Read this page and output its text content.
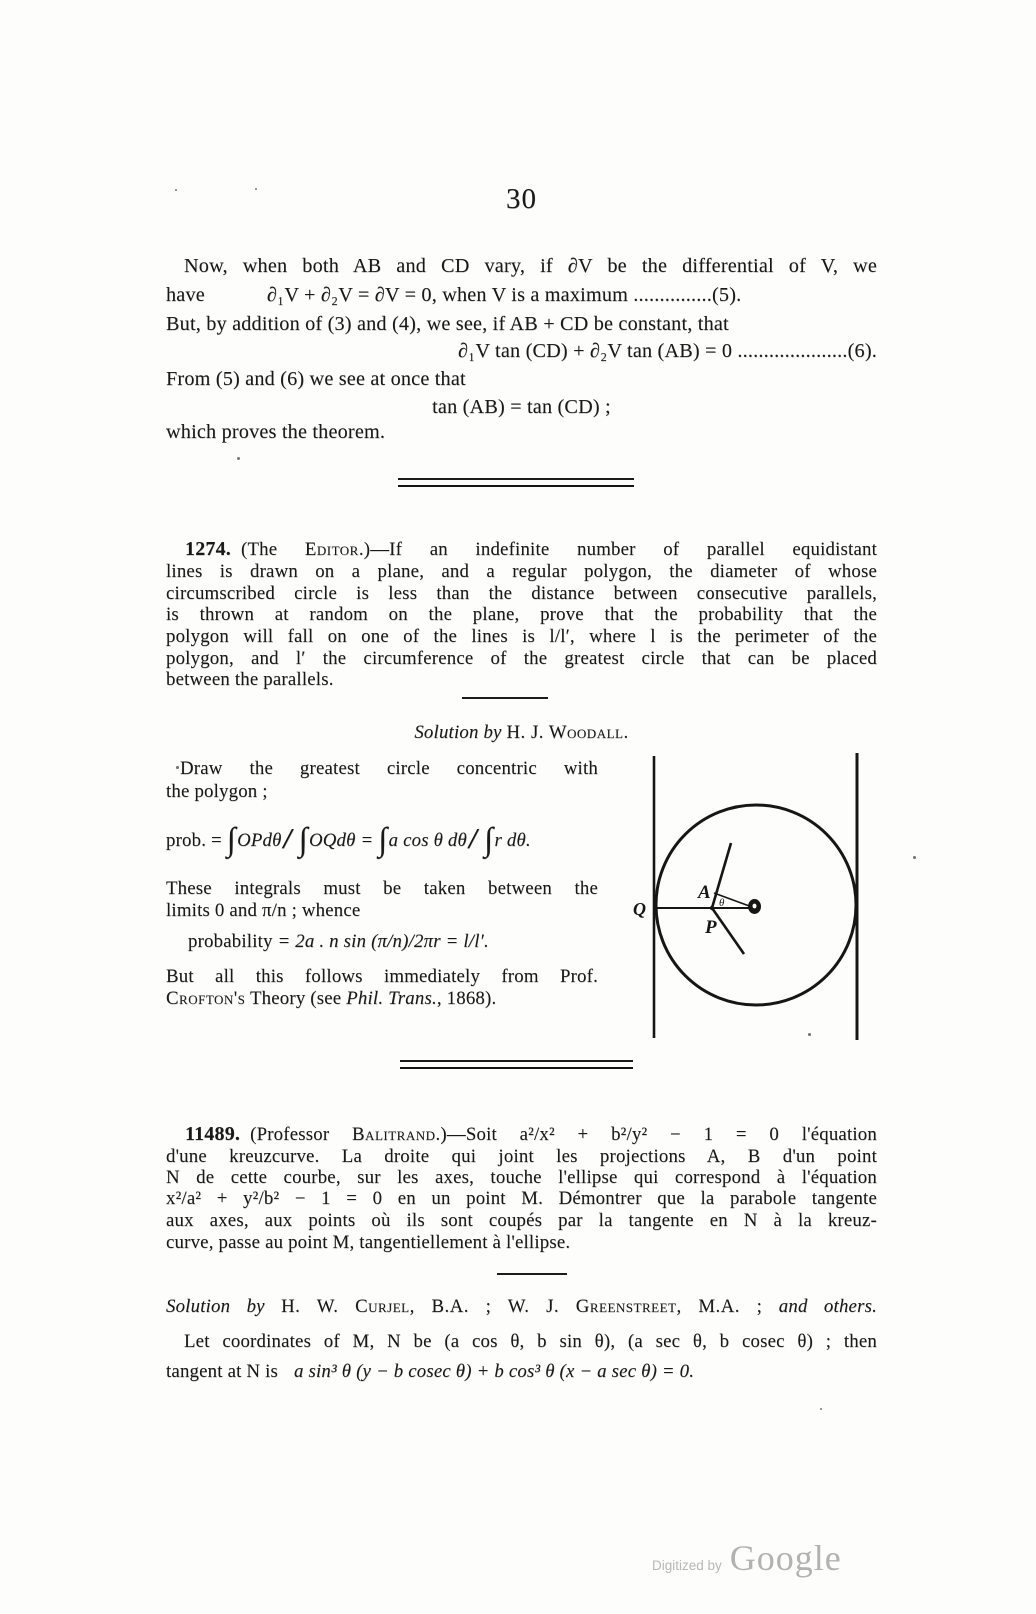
30
Now, when both AB and CD vary, if ∂V be the differential of V, we
have	∂₁V + ∂₂V = ∂V = 0, when V is a maximum ...............(5).
But, by addition of (3) and (4), we see, if AB + CD be constant, that
∂₁V tan (CD) + ∂₂V tan (AB) = 0 .....................(6).
From (5) and (6) we see at once that
tan (AB) = tan (CD) ;
which proves the theorem.
1274. (The Editor.)—If an indefinite number of parallel equidistant
lines is drawn on a plane, and a regular polygon, the diameter of whose
circumscribed circle is less than the distance between consecutive parallels,
is thrown at random on the plane, prove that the probability that the
polygon will fall on one of the lines is l/l′, where l is the perimeter of the
polygon, and l′ the circumference of the greatest circle that can be placed
between the parallels.
Solution by H. J. Woodall.
Draw the greatest circle concentric with
the polygon ;
prob. = ∫ OPdθ / ∫ OQdθ = ∫ a cos θ dθ / ∫ r dθ.
These integrals must be taken between the
limits 0 and π/n ; whence
probability = 2a . n sin (π/n)/2πr = l/l′.
But all this follows immediately from Prof.
Crofton's Theory (see Phil. Trans., 1868).
Q
A
P
θ
11489. (Professor Balitrand.)—Soit a²/x² + b²/y² − 1 = 0 l'équation
d'une kreuzcurve. La droite qui joint les projections A, B d'un point
N de cette courbe, sur les axes, touche l'ellipse qui correspond à l'équation
x²/a² + y²/b² − 1 = 0 en un point M. Démontrer que la parabole tangente
aux axes, aux points où ils sont coupés par la tangente en N à la kreuz-
curve, passe au point M, tangentiellement à l'ellipse.
Solution by H. W. Curjel, B.A. ; W. J. Greenstreet, M.A. ; and others.
Let coordinates of M, N be (a cos θ, b sin θ), (a sec θ, b cosec θ) ; then
tangent at N is a sin³ θ (y − b cosec θ) + b cos³ θ (x − a sec θ) = 0.
Digitized by Google
